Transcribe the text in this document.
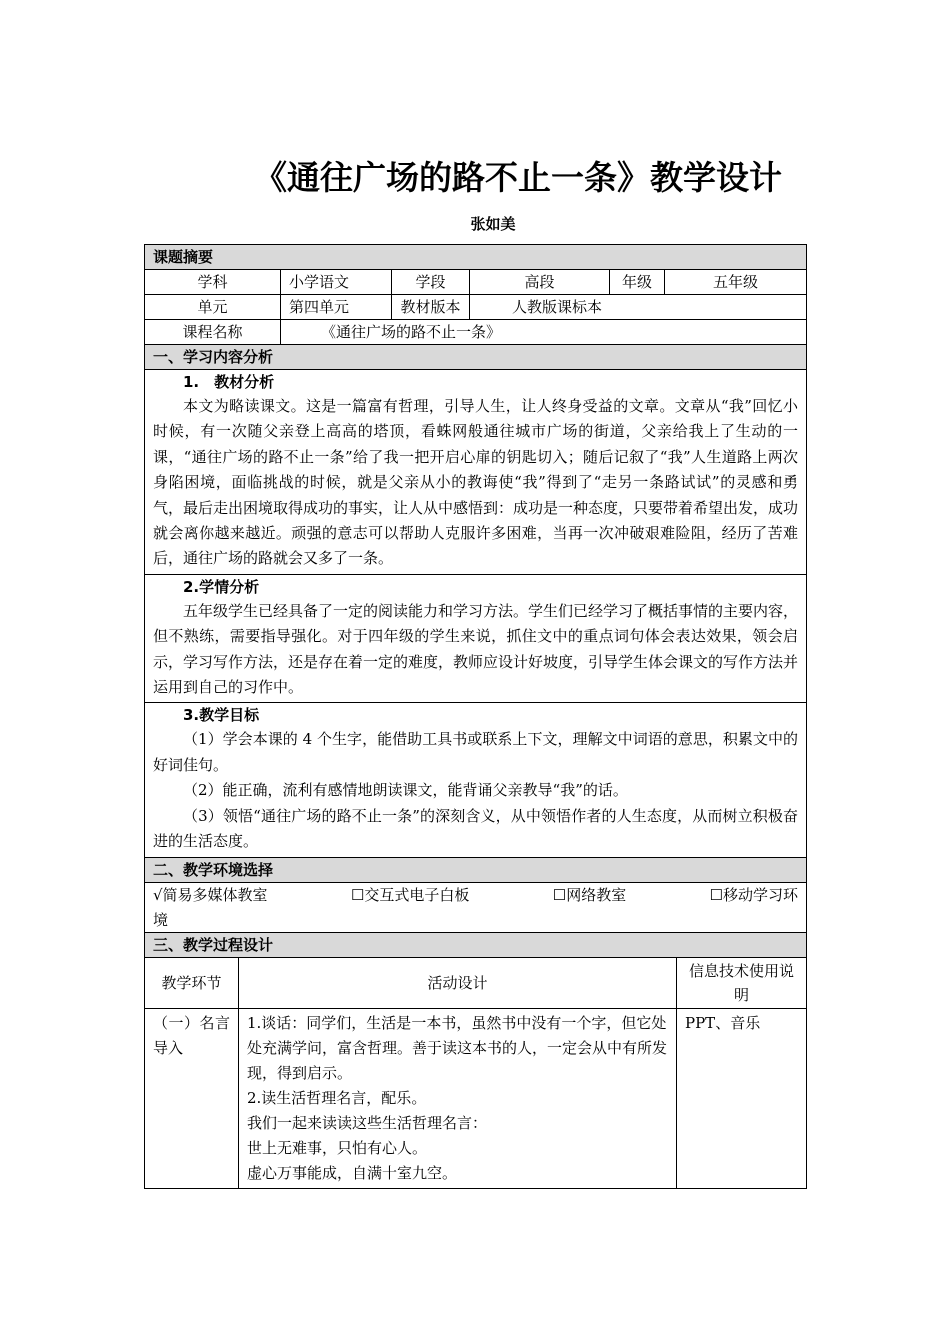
《通往广场的路不止一条》教学设计
张如美
课题摘要					
学科	小学语文	学段	高段	年级	五年级
单元	第四单元	教材版本	人教版课标本		
课程名称	《通往广场的路不止一条》				
一、学习内容分析					

1.　教材分析

本文为略读课文。这是一篇富有哲理，引导人生，让人终身受益的文章。文章从“我”回忆小时候，有一次随父亲登上高高的塔顶，看蛛网般通往城市广场的街道，父亲给我上了生动的一课，“通往广场的路不止一条”给了我一把开启心扉的钥匙切入；随后记叙了“我”人生道路上两次身陷困境，面临挑战的时候，就是父亲从小的教诲使“我”得到了“走另一条路试试”的灵感和勇气，最后走出困境取得成功的事实，让人从中感悟到：成功是一种态度，只要带着希望出发，成功就会离你越来越近。顽强的意志可以帮助人克服许多困难，当再一次冲破艰难险阻，经历了苦难后，通往广场的路就会又多了一条。					

2.学情分析

五年级学生已经具备了一定的阅读能力和学习方法。学生们已经学习了概括事情的主要内容，但不熟练，需要指导强化。对于四年级的学生来说，抓住文中的重点词句体会表达效果，领会启示，学习写作方法，还是存在着一定的难度，教师应设计好坡度，引导学生体会课文的写作方法并运用到自己的习作中。					

3.教学目标

（1）学会本课的 4 个生字，能借助工具书或联系上下文，理解文中词语的意思，积累文中的好词佳句。

（2）能正确，流利有感情地朗读课文，能背诵父亲教导“我”的话。

（3）领悟“通往广场的路不止一条”的深刻含义，从中领悟作者的人生态度，从而树立积极奋进的生活态度。					

二、教学环境选择					

√简易多媒体教室 ☐交互式电子白板 ☐网络教室 ☐移动学习环
境					

三、教学过程设计					
教学环节	活动设计	信息技术使用说明
（一）名言导入	1.谈话：同学们，生活是一本书，虽然书中没有一个字，但它处处充满学问，富含哲理。善于读这本书的人，一定会从中有所发现，得到启示。
2.读生活哲理名言，配乐。
我们一起来读读这些生活哲理名言：
世上无难事，只怕有心人。
虚心万事能成，自满十室九空。	PPT、音乐
